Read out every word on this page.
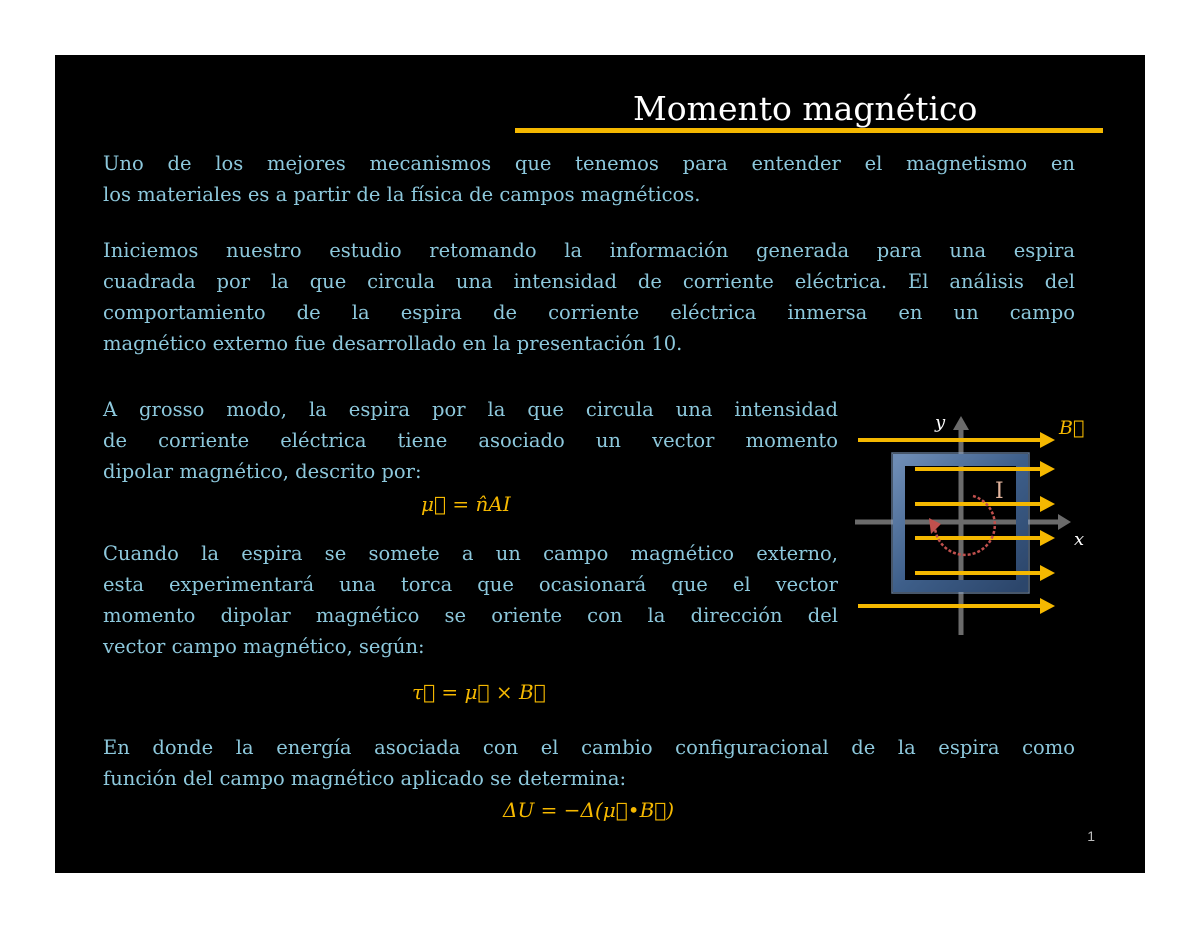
Momento magnético

Uno de los mejores mecanismos que tenemos para entender el magnetismo en
los materiales es a partir de la física de campos magnéticos.

Iniciemos nuestro estudio retomando la información generada para una espira
cuadrada por la que circula una intensidad de corriente eléctrica. El análisis del
comportamiento de la espira de corriente eléctrica inmersa en un campo
magnético externo fue desarrollado en la presentación 10.

A grosso modo, la espira por la que circula una intensidad
de corriente eléctrica tiene asociado un vector momento
dipolar magnético, descrito por:

μ⃗ = n̂AI

Cuando la espira se somete a un campo magnético externo,
esta experimentará una torca que ocasionará que el vector
momento dipolar magnético se oriente con la dirección del
vector campo magnético, según:

τ⃗ = μ⃗ × B⃗

En donde la energía asociada con el cambio configuracional de la espira como
función del campo magnético aplicado se determina:

ΔU = −Δ(μ⃗•B⃗)
1
y
x
B⃗
I
